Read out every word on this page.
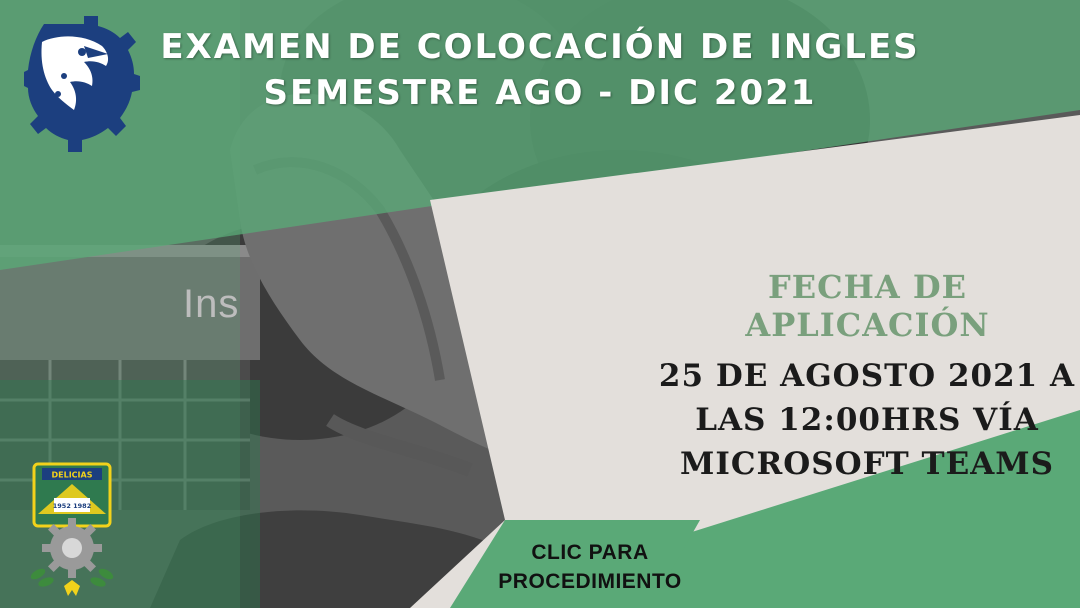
Ins
DELICIAS
1952 1982
EXAMEN DE COLOCACIÓN DE INGLES
SEMESTRE AGO - DIC 2021
FECHA DE
APLICACIÓN
25 DE AGOSTO 2021 A
LAS 12:00HRS VÍA
MICROSOFT TEAMS
CLIC PARA
PROCEDIMIENTO
